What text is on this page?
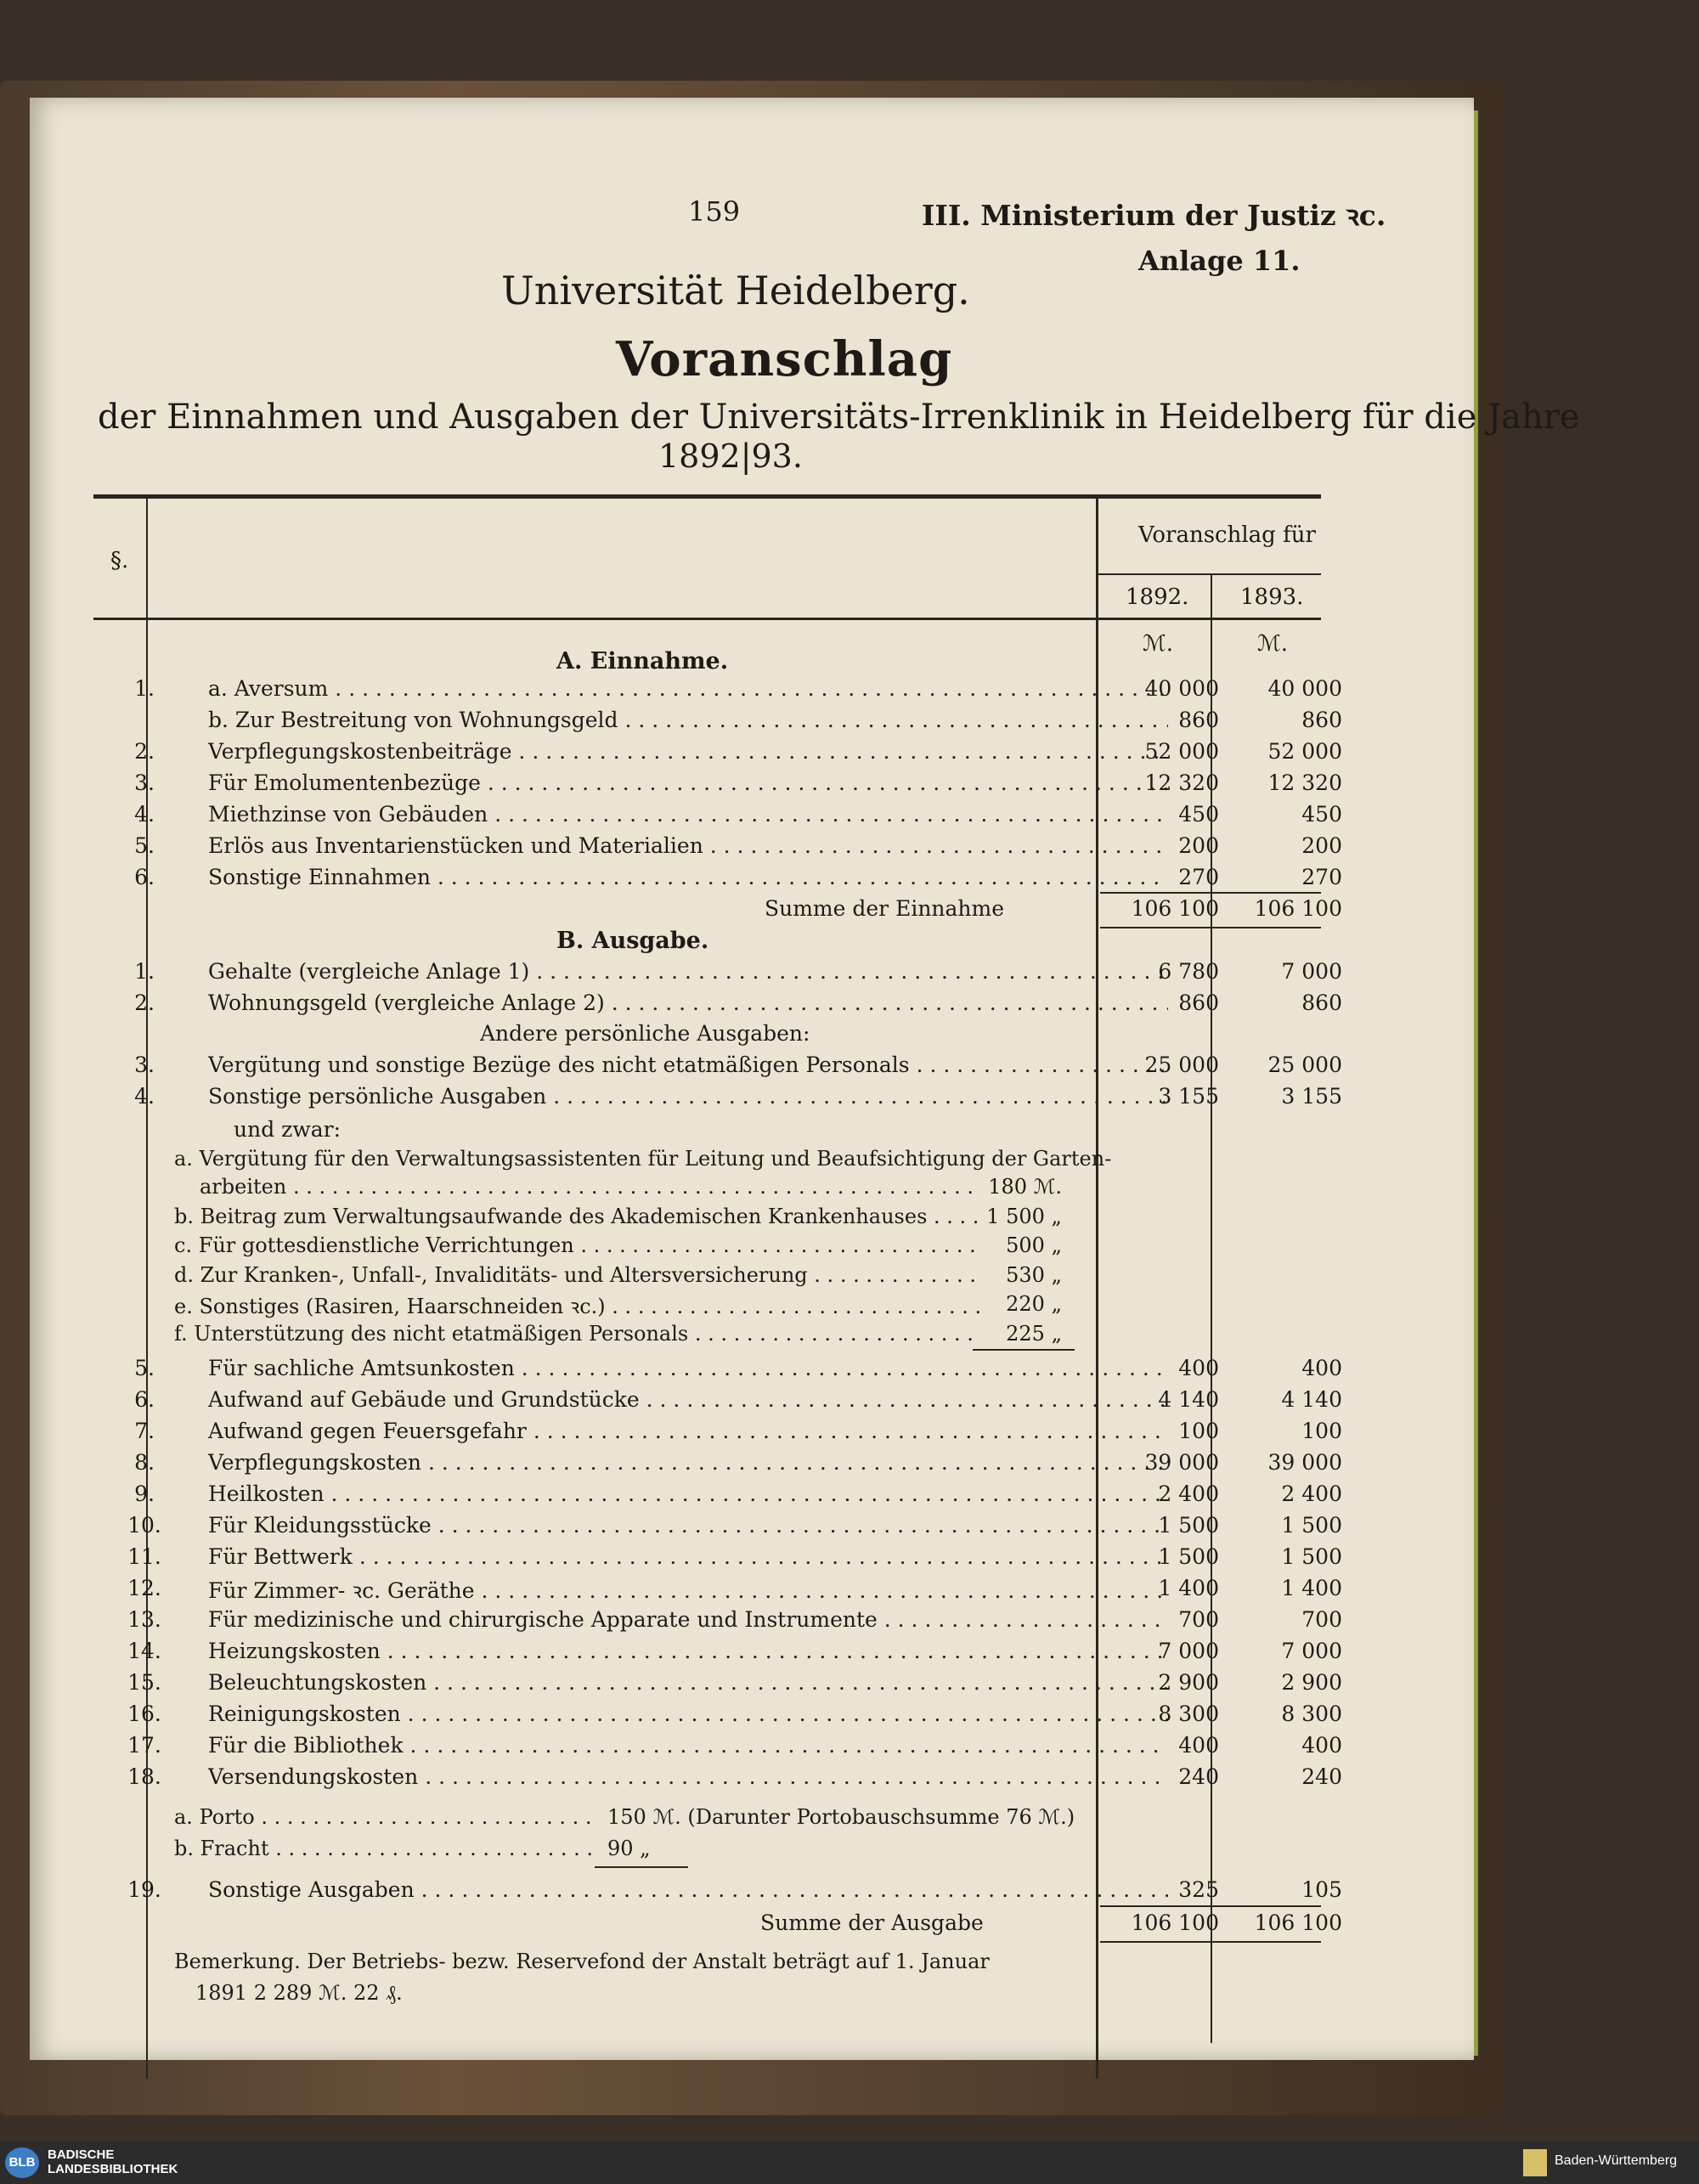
159	III. Ministerium der Justiz ꝛc.
Anlage 11.
Universität Heidelberg.
Voranschlag
der Einnahmen und Ausgaben der Universitäts-Irrenklinik in Heidelberg für die Jahre
1892|93.
§.
Voranschlag für
1892. 1893.
ℳ.	ℳ.
A. Einnahme.
1.	a. Aversum . . .	40 000	40 000
b. Zur Bestreitung von Wohnungsgeld . . .	860	860
2.	Verpflegungskostenbeiträge . . .	52 000	52 000
3.	Für Emolumentenbezüge . . .	12 320	12 320
4.	Miethzinse von Gebäuden . . .	450	450
5.	Erlös aus Inventarienstücken und Materialien . . .	200	200
6.	Sonstige Einnahmen . . .	270	270
Summe der Einnahme	106 100	106 100
B. Ausgabe.
1.	Gehalte (vergleiche Anlage 1) . . .	6 780	7 000
2.	Wohnungsgeld (vergleiche Anlage 2) . . .	860	860
Andere persönliche Ausgaben:
3.	Vergütung und sonstige Bezüge des nicht etatmäßigen Personals . . .	25 000	25 000
4.	Sonstige persönliche Ausgaben . . .	3 155	3 155
und zwar:
a. Vergütung für den Verwaltungsassistenten für Leitung und Beaufsichtigung der Garten-
arbeiten . . .	180 ℳ.
b. Beitrag zum Verwaltungsaufwande des Akademischen Krankenhauses . . .	1 500 „
c. Für gottesdienstliche Verrichtungen . . .	500 „
d. Zur Kranken-, Unfall-, Invaliditäts- und Altersversicherung . . .	530 „
e. Sonstiges (Rasiren, Haarschneiden ꝛc.) . . .	220 „
f. Unterstützung des nicht etatmäßigen Personals . . .	225 „
5.	Für sachliche Amtsunkosten . . .	400	400
6.	Aufwand auf Gebäude und Grundstücke . . .	4 140	4 140
7.	Aufwand gegen Feuersgefahr . . .	100	100
8.	Verpflegungskosten . . .	39 000	39 000
9.	Heilkosten . . .	2 400	2 400
10.	Für Kleidungsstücke . . .	1 500	1 500
11.	Für Bettwerk . . .	1 500	1 500
12.	Für Zimmer- ꝛc. Geräthe . . .	1 400	1 400
13.	Für medizinische und chirurgische Apparate und Instrumente . . .	700	700
14.	Heizungskosten . . .	7 000	7 000
15.	Beleuchtungskosten . . .	2 900	2 900
16.	Reinigungskosten . . .	8 300	8 300
17.	Für die Bibliothek . . .	400	400
18.	Versendungskosten . . .	240	240
a. Porto . . .	150 ℳ. (Darunter Portobauschsumme 76 ℳ.)
b. Fracht . . .	90 „
19.	Sonstige Ausgaben . . .	325	105
Summe der Ausgabe	106 100	106 100
Bemerkung. Der Betriebs- bezw. Reservefond der Anstalt beträgt auf 1. Januar
1891 2 289 ℳ. 22 ₰.
BLB
BADISCHE
LANDESBIBLIOTHEK
Baden-Württemberg
